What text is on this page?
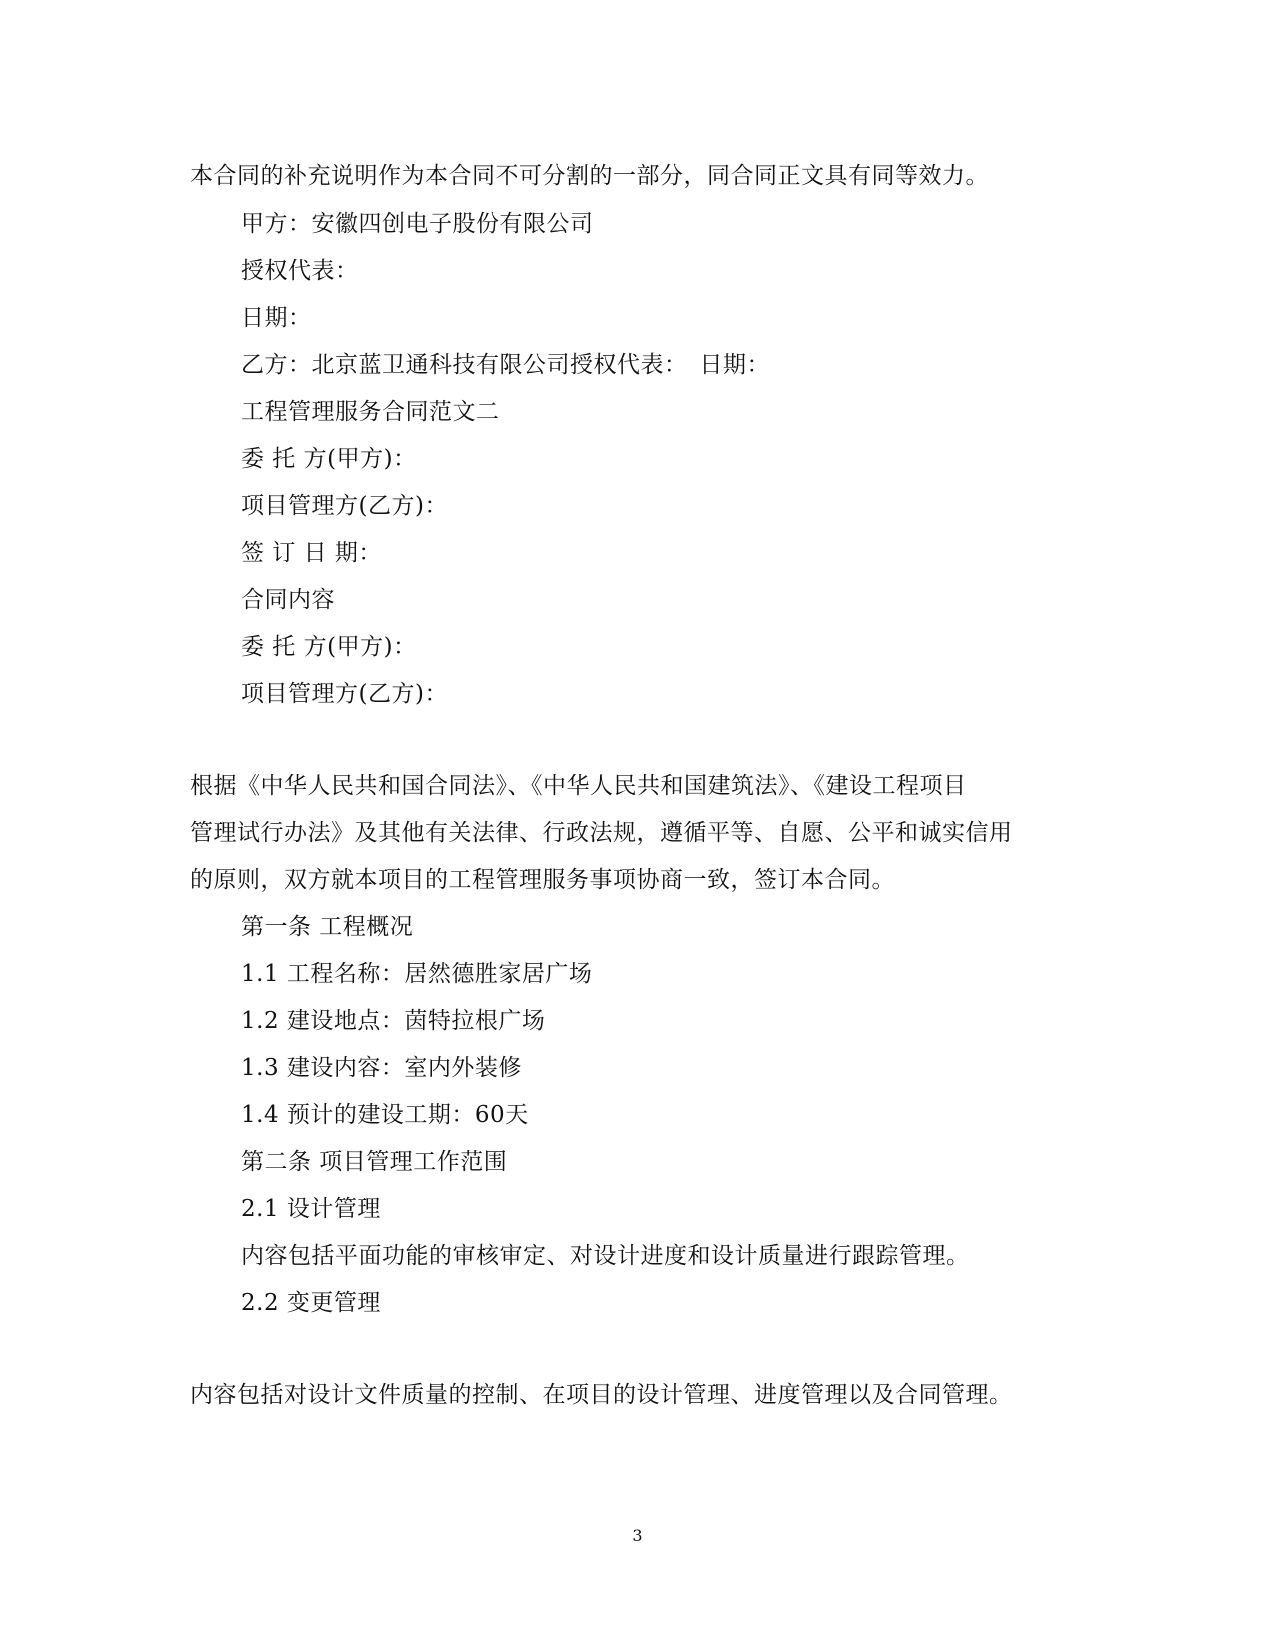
本合同的补充说明作为本合同不可分割的一部分，同合同正文具有同等效力。
甲方：安徽四创电子股份有限公司
授权代表：
日期：
乙方：北京蓝卫通科技有限公司授权代表：　日期：
工程管理服务合同范文二
委 托 方(甲方)：
项目管理方(乙方)：
签 订 日 期：
合同内容
委 托 方(甲方)：
项目管理方(乙方)：
根据《中华人民共和国合同法》、《中华人民共和国建筑法》、《建设工程项目
管理试行办法》及其他有关法律、行政法规，遵循平等、自愿、公平和诚实信用
的原则，双方就本项目的工程管理服务事项协商一致，签订本合同。
第一条 工程概况
1.1 工程名称：居然德胜家居广场
1.2 建设地点：茵特拉根广场
1.3 建设内容：室内外装修
1.4 预计的建设工期：60天
第二条 项目管理工作范围
2.1 设计管理
内容包括平面功能的审核审定、对设计进度和设计质量进行跟踪管理。
2.2 变更管理
内容包括对设计文件质量的控制、在项目的设计管理、进度管理以及合同管理。
3
